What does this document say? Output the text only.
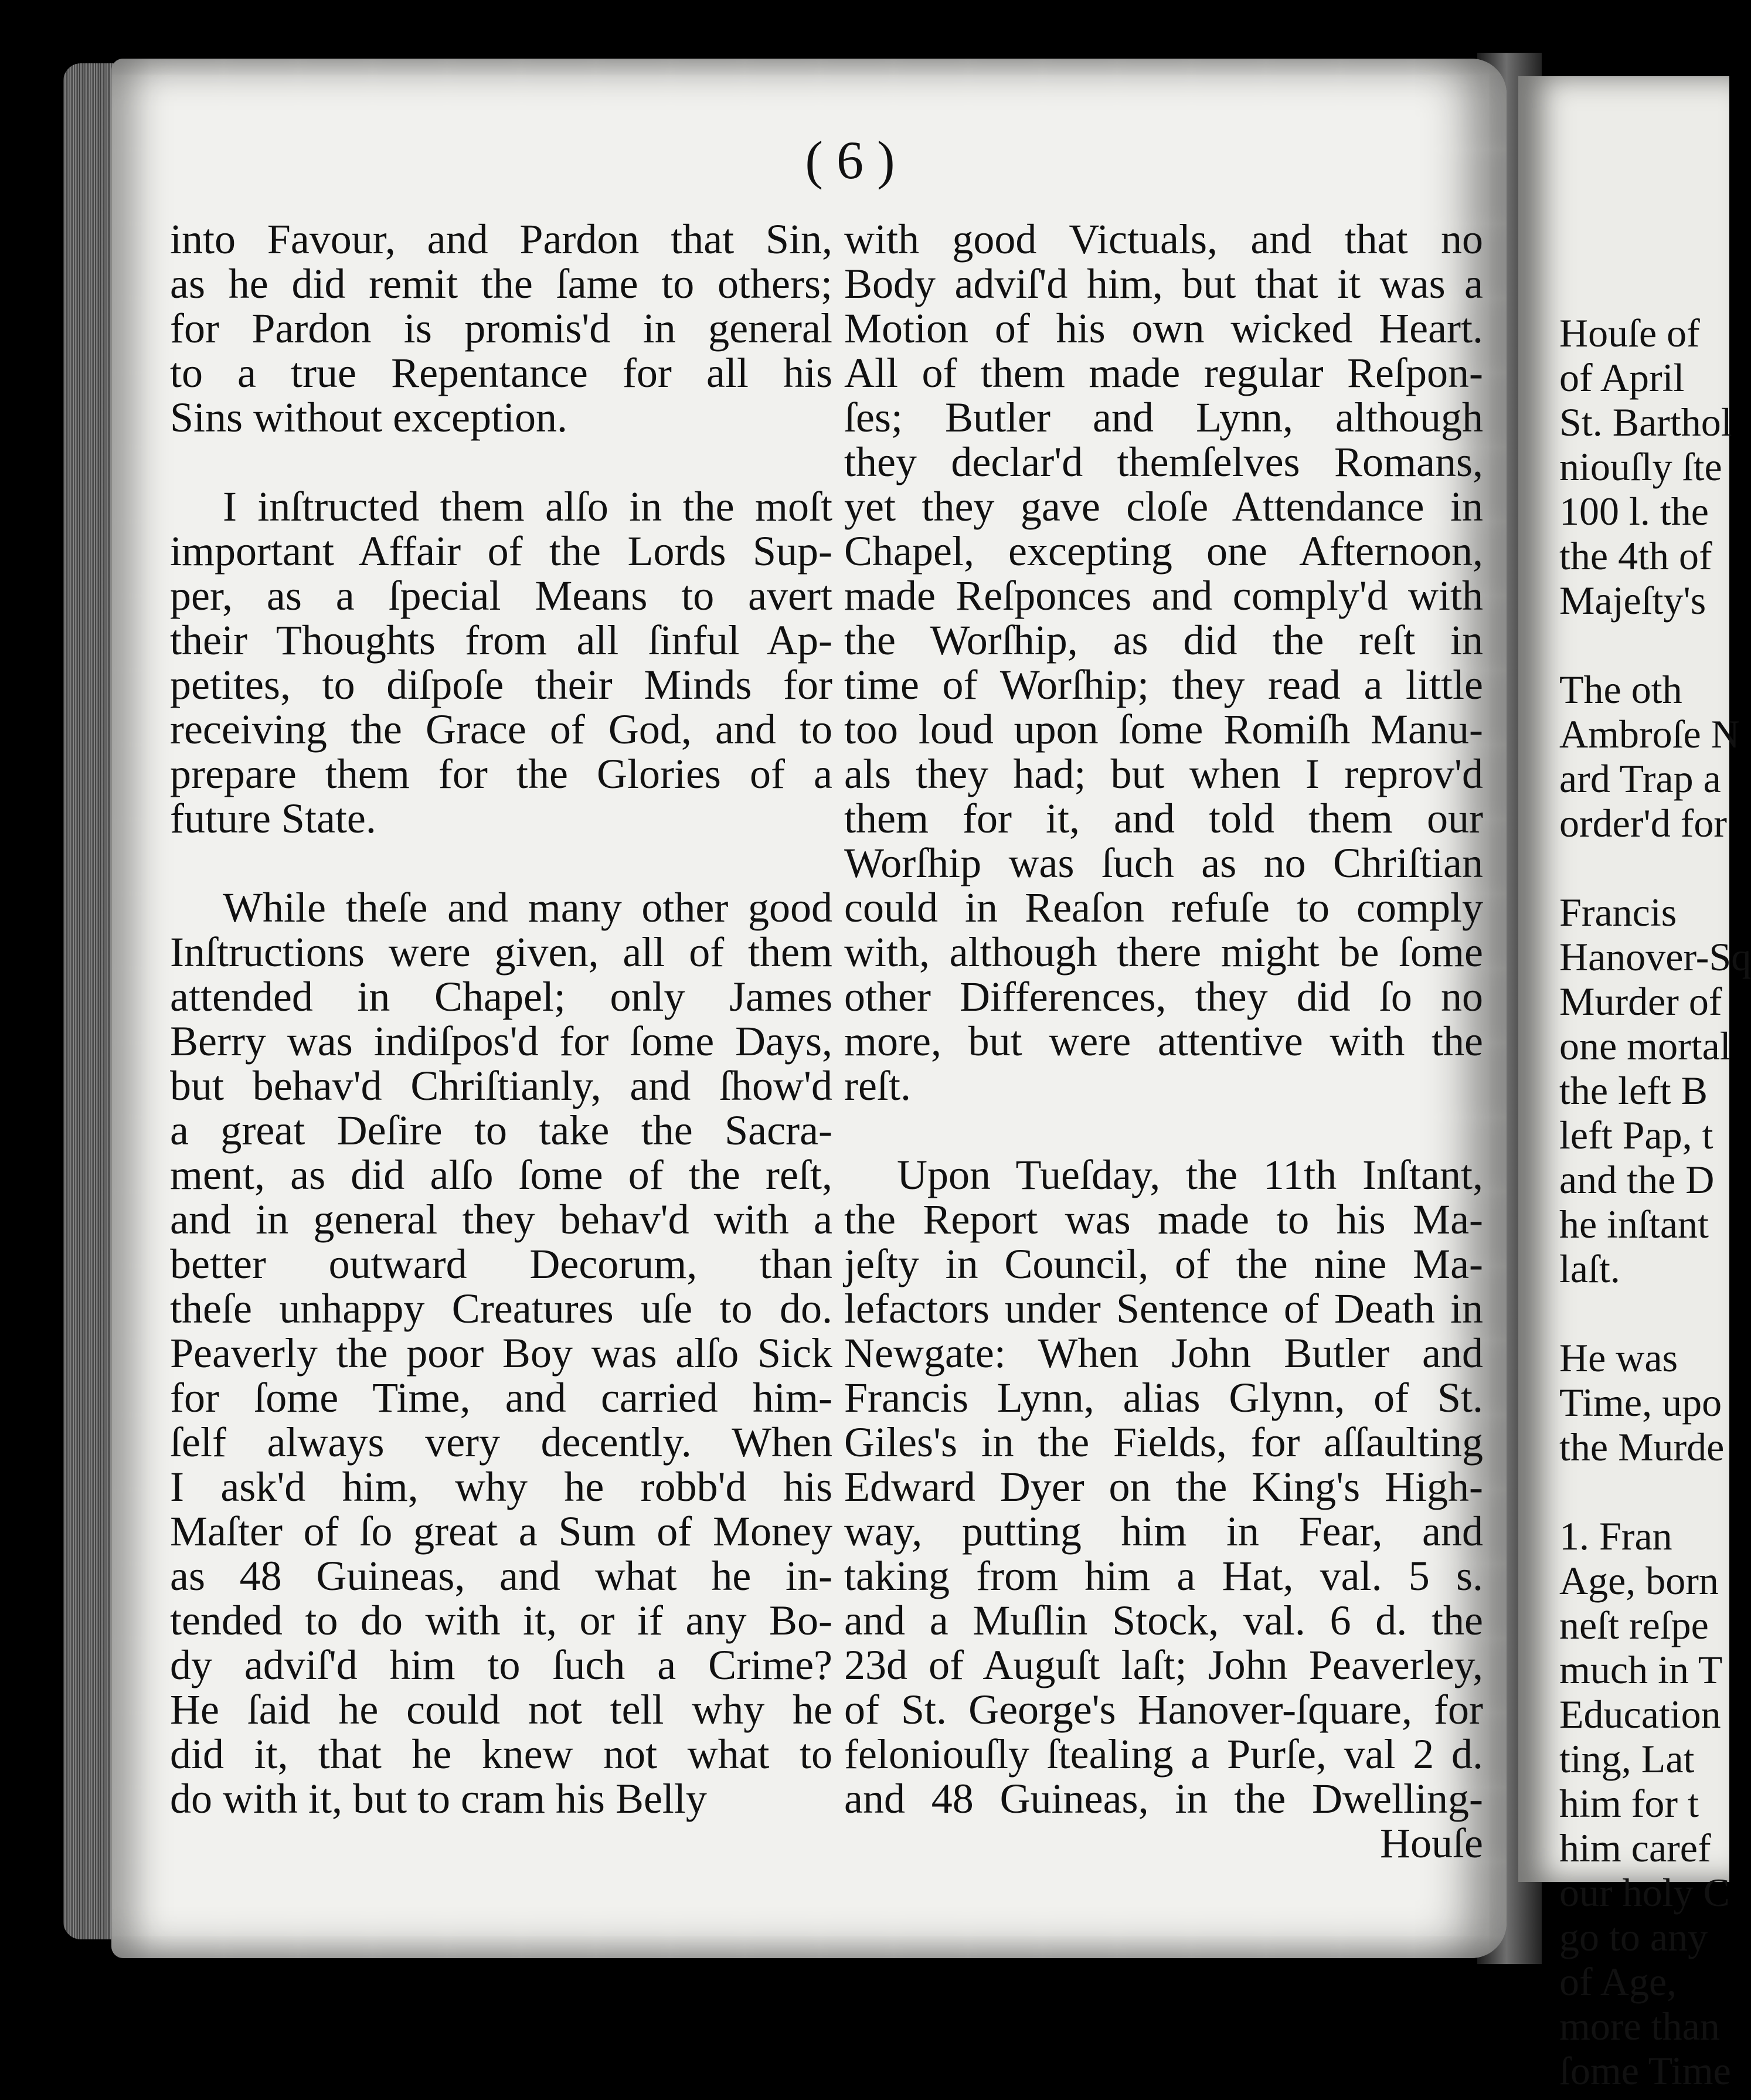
Houſe of
of April
St. Barthol
niouſly ſte
100 l. the
the 4th of
Majeſty's
The oth
Ambroſe N
ard Trap a
order'd for
Francis
Hanover-Sq
Murder of
one mortal
the left B
left Pap, t
and the D
he inſtant
laſt.
He was
Time, upo
the Murde
1. Fran
Age, born
neſt reſpe
much in T
Education
ting, Lat
him for t
him caref
our holy C
go to any
of Age,
more than
ſome Time
( 6 )
into Favour, and Pardon that Sin,
as he did remit the ſame to others;
for Pardon is promis'd in general
to a true Repentance for all his
Sins without exception.
I inſtructed them alſo in the moſt
important Affair of the Lords Sup-
per, as a ſpecial Means to avert
their Thoughts from all ſinful Ap-
petites, to diſpoſe their Minds for
receiving the Grace of God, and to
prepare them for the Glories of a
future State.
While theſe and many other good
Inſtructions were given, all of them
attended in Chapel; only James
Berry was indiſpos'd for ſome Days,
but behav'd Chriſtianly, and ſhow'd
a great Deſire to take the Sacra-
ment, as did alſo ſome of the reſt,
and in general they behav'd with a
better outward Decorum, than
theſe unhappy Creatures uſe to do.
Peaverly the poor Boy was alſo Sick
for ſome Time, and carried him-
ſelf always very decently. When
I ask'd him, why he robb'd his
Maſter of ſo great a Sum of Money
as 48 Guineas, and what he in-
tended to do with it, or if any Bo-
dy adviſ'd him to ſuch a Crime?
He ſaid he could not tell why he
did it, that he knew not what to
do with it, but to cram his Belly
with good Victuals, and that no
Body adviſ'd him, but that it was a
Motion of his own wicked Heart.
All of them made regular Reſpon-
ſes; Butler and Lynn, although
they declar'd themſelves Romans,
yet they gave cloſe Attendance in
Chapel, excepting one Afternoon,
made Reſponces and comply'd with
the Worſhip, as did the reſt in
time of Worſhip; they read a little
too loud upon ſome Romiſh Manu-
als they had; but when I reprov'd
them for it, and told them our
Worſhip was ſuch as no Chriſtian
could in Reaſon refuſe to comply
with, although there might be ſome
other Differences, they did ſo no
more, but were attentive with the
reſt.
Upon Tueſday, the 11th Inſtant,
the Report was made to his Ma-
jeſty in Council, of the nine Ma-
lefactors under Sentence of Death in
Newgate: When John Butler and
Francis Lynn, alias Glynn, of St.
Giles's in the Fields, for aſſaulting
Edward Dyer on the King's High-
way, putting him in Fear, and
taking from him a Hat, val. 5 s.
and a Muſlin Stock, val. 6 d. the
23d of Auguſt laſt; John Peaverley,
of St. George's Hanover-ſquare, for
feloniouſly ſtealing a Purſe, val 2 d.
and 48 Guineas, in the Dwelling-
Houſe
